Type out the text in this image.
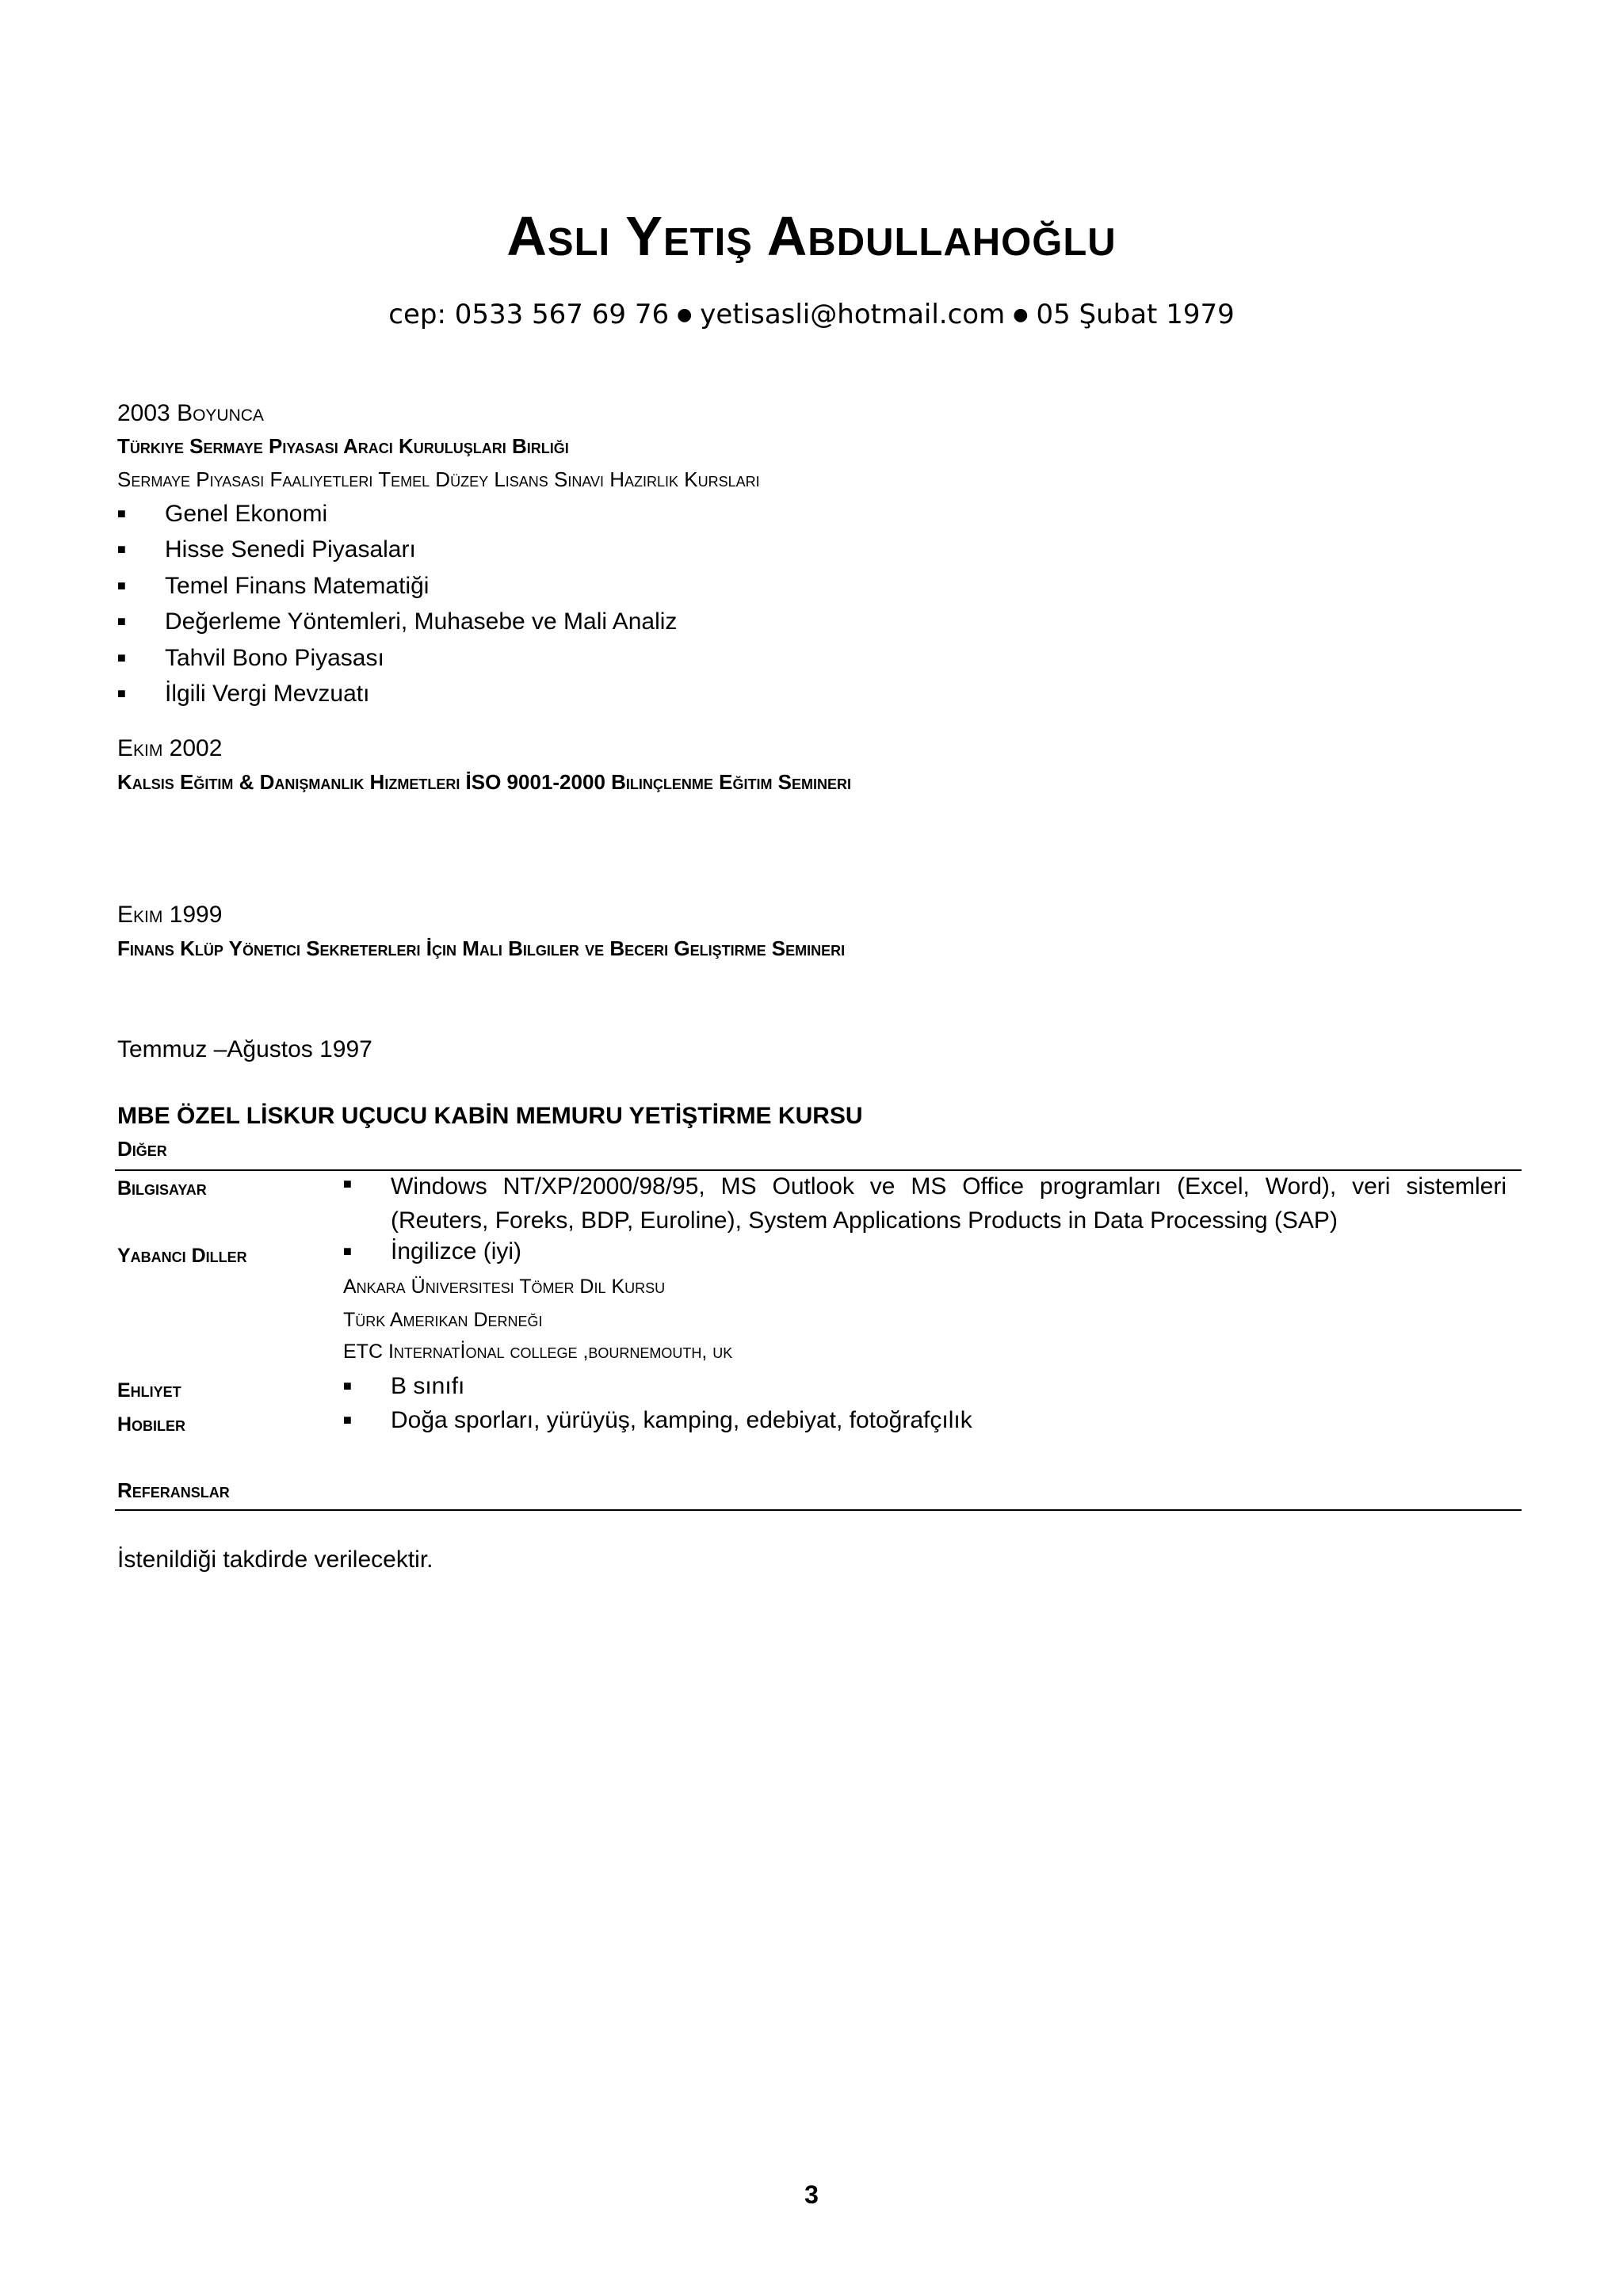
Aslı Yetiş Abdullahoğlu
cep: 0533 567 69 76 ● yetisasli@hotmail.com ● 05 Şubat 1979
2003 Boyunca
Türkiye Sermaye Piyasası Aracı Kuruluşları Birliği
Sermaye Piyasası Faaliyetleri Temel Düzey Lisans Sınavı Hazırlık Kursları
■ Genel Ekonomi
■ Hisse Senedi Piyasaları
■ Temel Finans Matematiği
■ Değerleme Yöntemleri, Muhasebe ve Mali Analiz
■ Tahvil Bono Piyasası
■ İlgili Vergi Mevzuatı
Ekim 2002
Kalsis Eğitim & Danışmanlık Hizmetleri İSO 9001-2000 Bilinçlenme Eğitim Semineri
Ekim 1999
Finans Klüp Yönetici Sekreterleri İçin Mali Bilgiler ve Beceri Geliştirme Semineri
Temmuz –Ağustos 1997
MBE ÖZEL LİSKUR UÇUCU KABİN MEMURU YETİŞTİRME KURSU
Diğer
Bilgisayar	■	Windows NT/XP/2000/98/95, MS Outlook ve MS Office programları (Excel, Word), veri sistemleri (Reuters, Foreks, BDP, Euroline), System Applications Products in Data Processing (SAP)
Yabancı Diller	■ İngilizce (iyi)
Ankara Üniversitesi Tömer Dil Kursu
Türk Amerikan Derneği
ETC Internatİonal college ,bournemouth, uk
Ehliyet	■ B sınıfı
Hobiler	■ Doğa sporları, yürüyüş, kamping, edebiyat, fotoğrafçılık
Referanslar
İstenildiği takdirde verilecektir.
3
